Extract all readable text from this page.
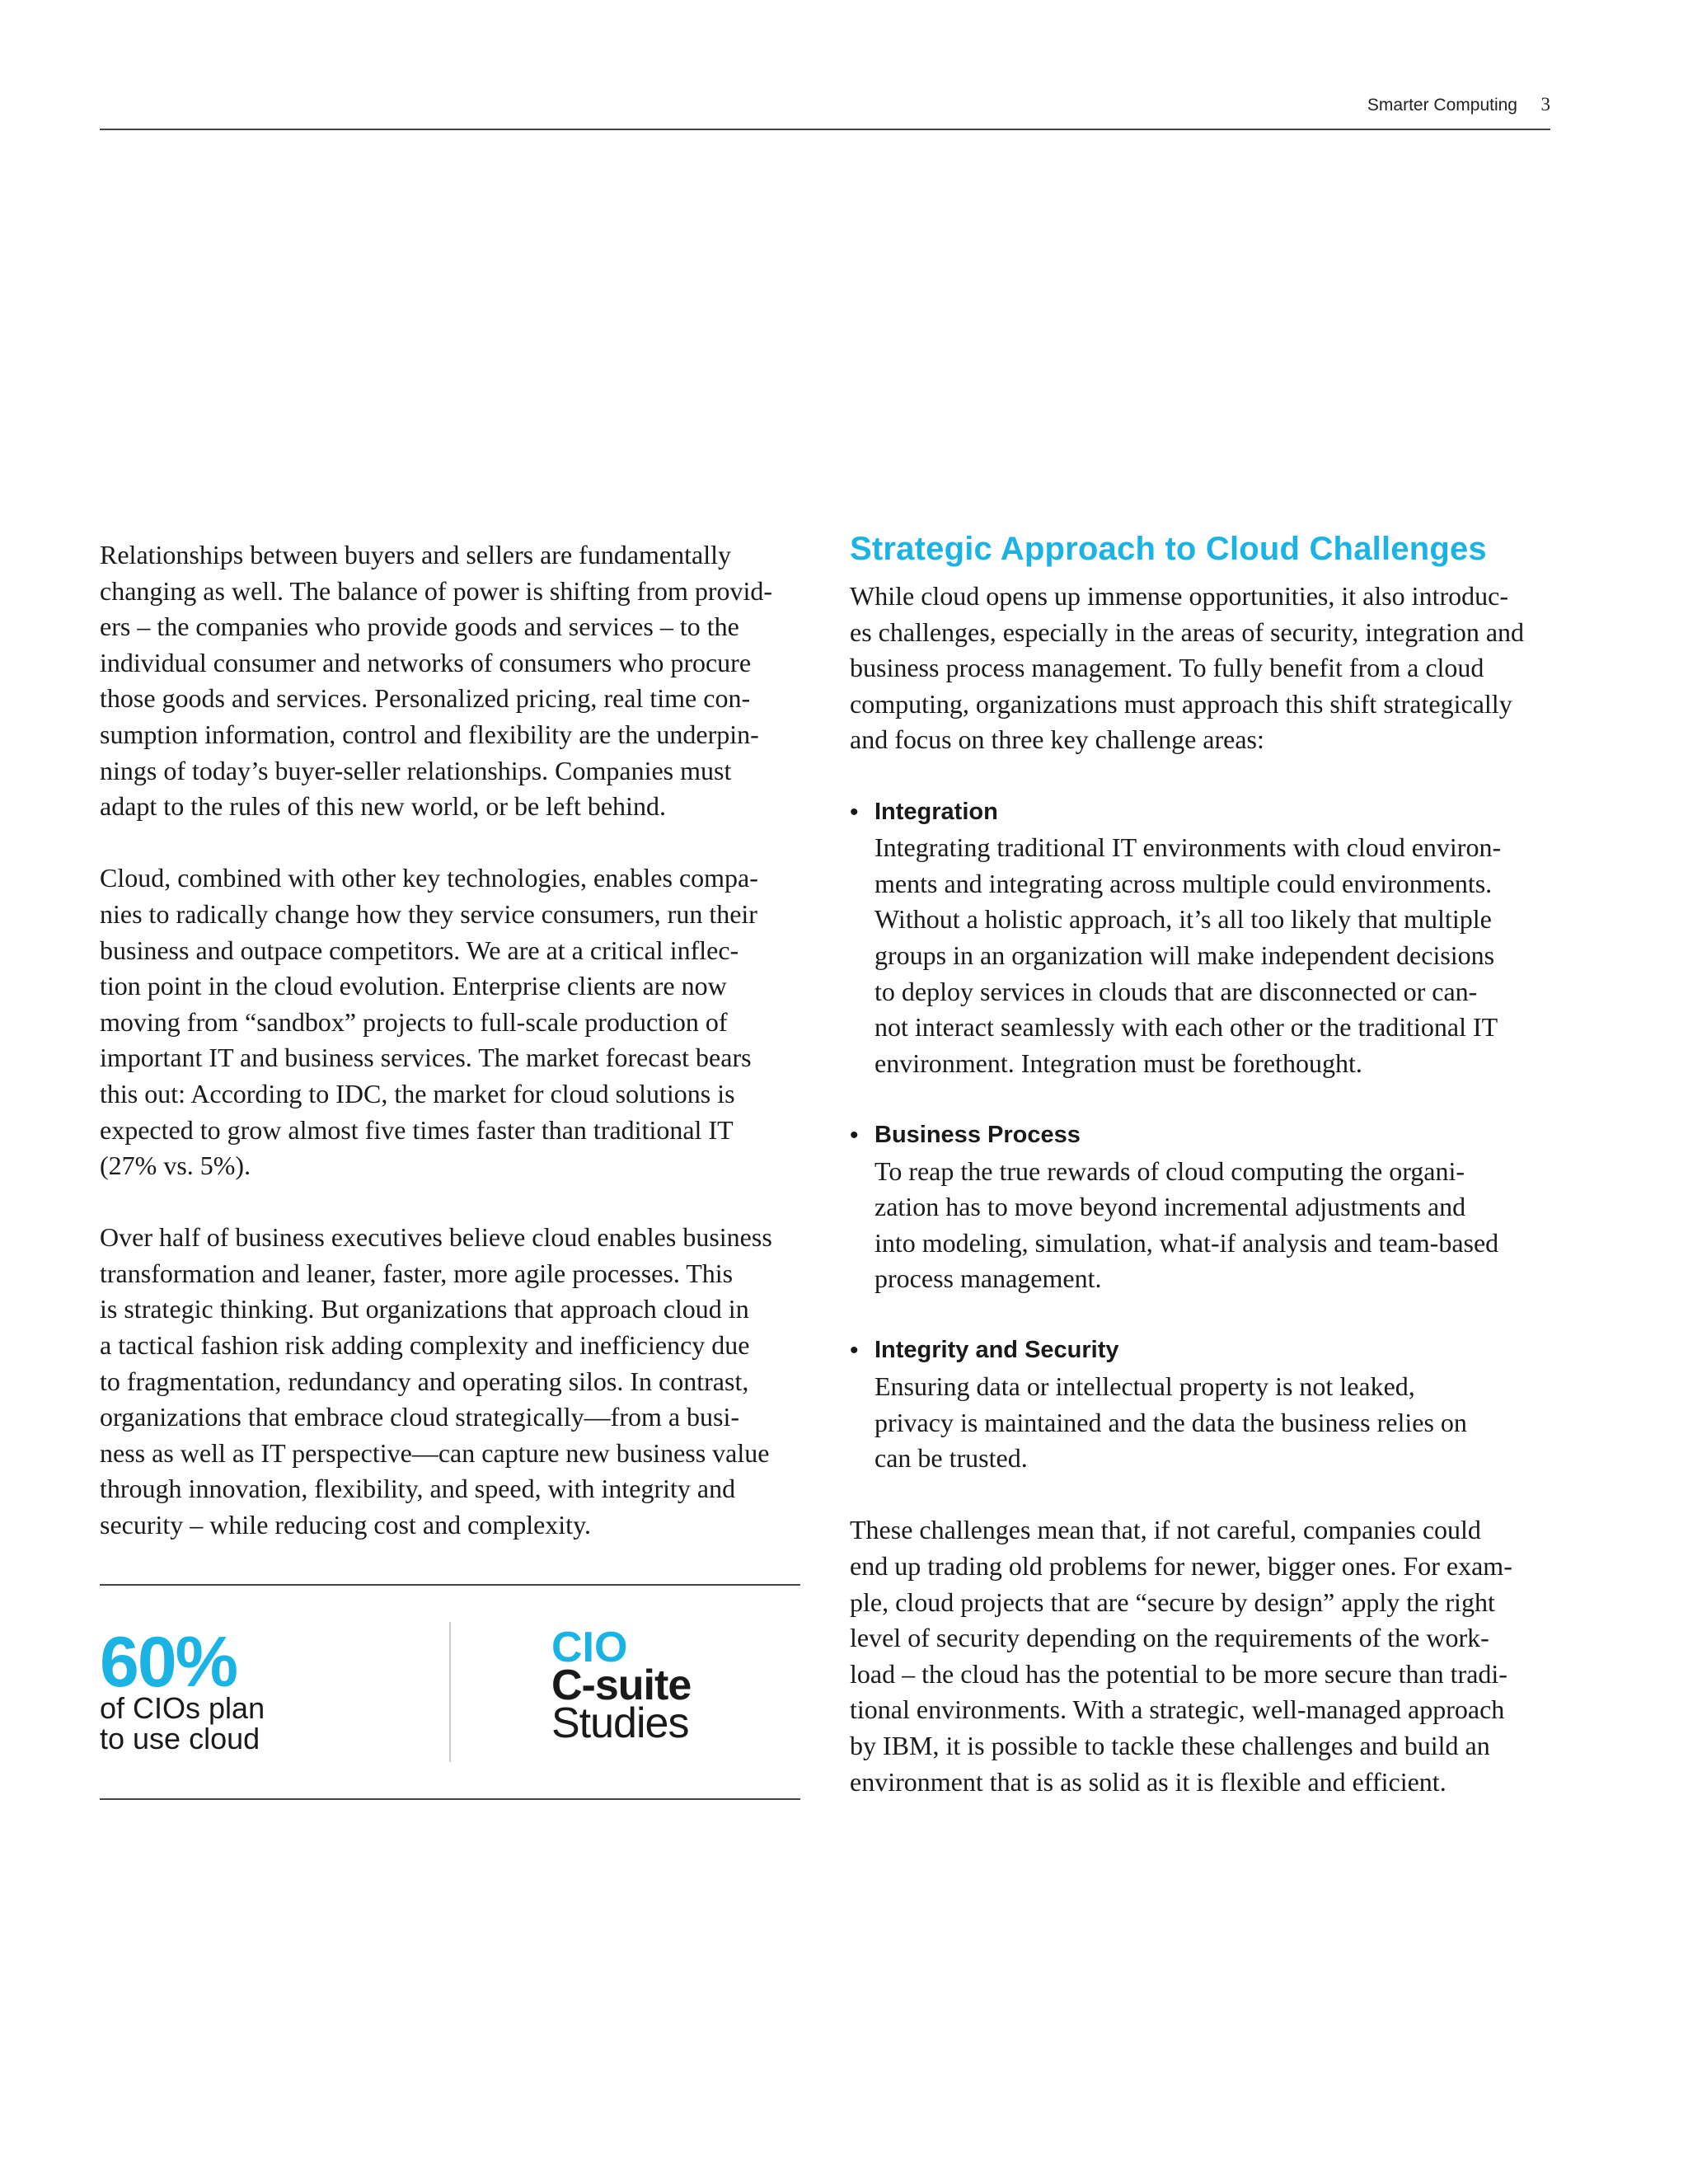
Smarter Computing 3

Relationships between buyers and sellers are fundamentally
changing as well. The balance of power is shifting from provid-
ers – the companies who provide goods and services – to the
individual consumer and networks of consumers who procure
those goods and services. Personalized pricing, real time con-
sumption information, control and flexibility are the underpin-
nings of today’s buyer-seller relationships. Companies must
adapt to the rules of this new world, or be left behind.

Cloud, combined with other key technologies, enables compa-
nies to radically change how they service consumers, run their
business and outpace competitors. We are at a critical inflec-
tion point in the cloud evolution. Enterprise clients are now
moving from “sandbox” projects to full-scale production of
important IT and business services. The market forecast bears
this out: According to IDC, the market for cloud solutions is
expected to grow almost five times faster than traditional IT
(27% vs. 5%).

Over half of business executives believe cloud enables business
transformation and leaner, faster, more agile processes. This
is strategic thinking. But organizations that approach cloud in
a tactical fashion risk adding complexity and inefficiency due
to fragmentation, redundancy and operating silos. In contrast,
organizations that embrace cloud strategically—from a busi-
ness as well as IT perspective—can capture new business value
through innovation, flexibility, and speed, with integrity and
security – while reducing cost and complexity.

60%
of CIOs plan
to use cloud
CIO
C-suite
Studies
Strategic Approach to Cloud Challenges

While cloud opens up immense opportunities, it also introduc-
es challenges, especially in the areas of security, integration and
business process management. To fully benefit from a cloud
computing, organizations must approach this shift strategically
and focus on three key challenge areas:

• Integration
Integrating traditional IT environments with cloud environ-
ments and integrating across multiple could environments.
Without a holistic approach, it’s all too likely that multiple
groups in an organization will make independent decisions
to deploy services in clouds that are disconnected or can-
not interact seamlessly with each other or the traditional IT
environment. Integration must be forethought.
• Business Process
To reap the true rewards of cloud computing the organi-
zation has to move beyond incremental adjustments and
into modeling, simulation, what-if analysis and team-based
process management.
• Integrity and Security
Ensuring data or intellectual property is not leaked,
privacy is maintained and the data the business relies on
can be trusted.

These challenges mean that, if not careful, companies could
end up trading old problems for newer, bigger ones. For exam-
ple, cloud projects that are “secure by design” apply the right
level of security depending on the requirements of the work-
load – the cloud has the potential to be more secure than tradi-
tional environments. With a strategic, well-managed approach
by IBM, it is possible to tackle these challenges and build an
environment that is as solid as it is flexible and efficient.
